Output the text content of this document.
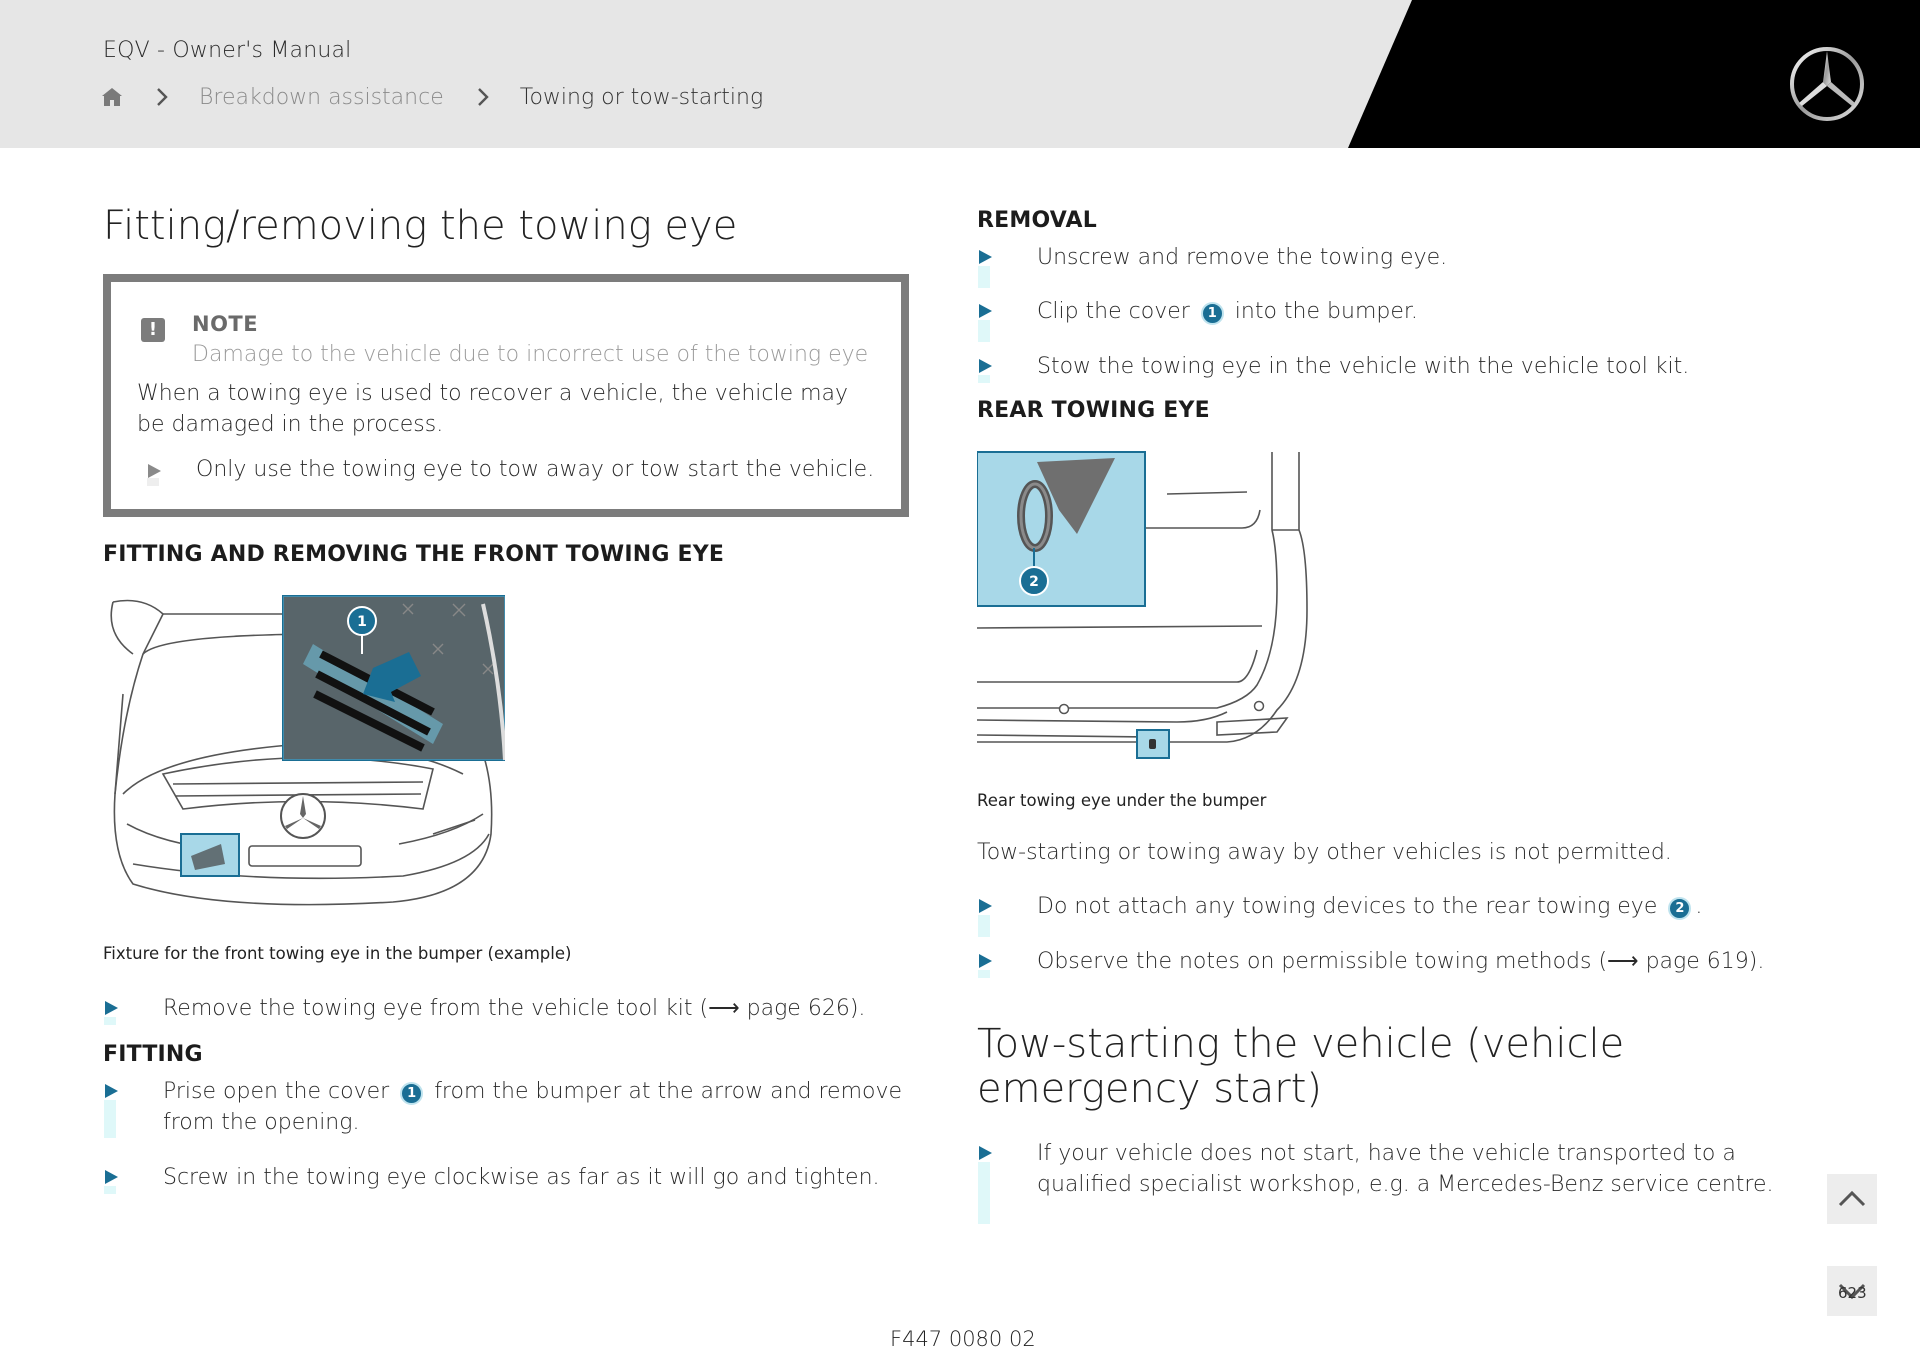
EQV - Owner's Manual
Breakdown assistance	Towing or tow-starting
Fitting/removing the towing eye
!	NOTE
Damage to the vehicle due to incorrect use of the towing eye
When a towing eye is used to recover a vehicle, the vehicle may be damaged in the process.
Only use the towing eye to tow away or tow start the vehicle.
FITTING AND REMOVING THE FRONT TOWING EYE
1
Fixture for the front towing eye in the bumper (example)
Remove the towing eye from the vehicle tool kit (⟶ page 626).
FITTING
Prise open the cover 1 from the bumper at the arrow and remove from the opening.
Screw in the towing eye clockwise as far as it will go and tighten.
REMOVAL
Unscrew and remove the towing eye.
Clip the cover 1 into the bumper.
Stow the towing eye in the vehicle with the vehicle tool kit.
REAR TOWING EYE
2
Rear towing eye under the bumper
Tow-starting or towing away by other vehicles is not permitted.
Do not attach any towing devices to the rear towing eye 2 .
Observe the notes on permissible towing methods (⟶ page 619).
Tow-starting the vehicle (vehicle emergency start)
If your vehicle does not start, have the vehicle transported to a qualified specialist workshop, e.g. a Mercedes-Benz service centre.
623
F447 0080 02
